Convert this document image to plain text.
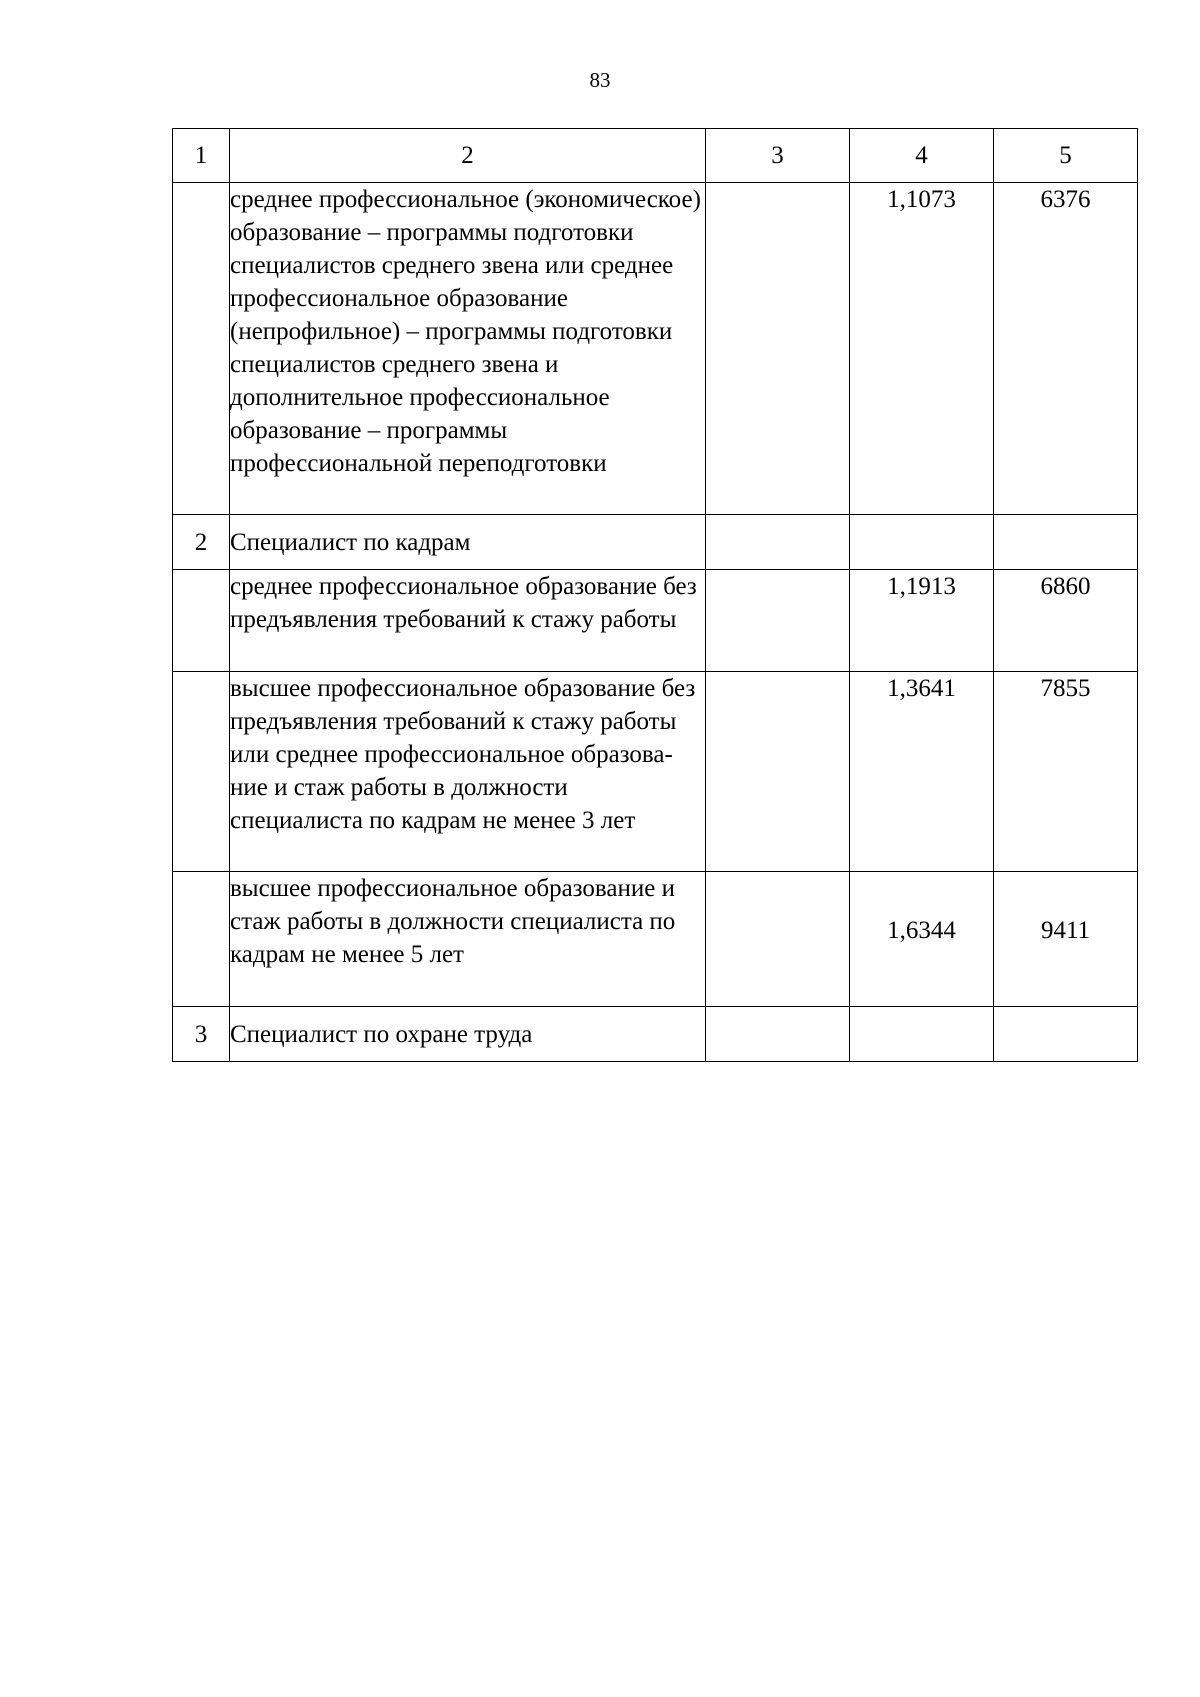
83
1	2	3	4	5
	среднее профессиональное (экономическое) образование – программы подготовки специалистов среднего звена или среднее профессиональное образование (непрофильное) – программы подготовки специалистов среднего звена и дополнительное профессиональное образование – программы профессиональной переподготовки		1,1073	6376
2	Специалист по кадрам			
	среднее профессиональное образование без предъявления требований к стажу работы		1,1913	6860
	высшее профессиональное образование без предъявления требований к стажу работы или среднее профессиональное образова-ние и стаж работы в должности специалиста по кадрам не менее 3 лет		1,3641	7855
	высшее профессиональное образование и стаж работы в должности специалиста по кадрам не менее 5 лет		1,6344	9411
3	Специалист по охране труда			
